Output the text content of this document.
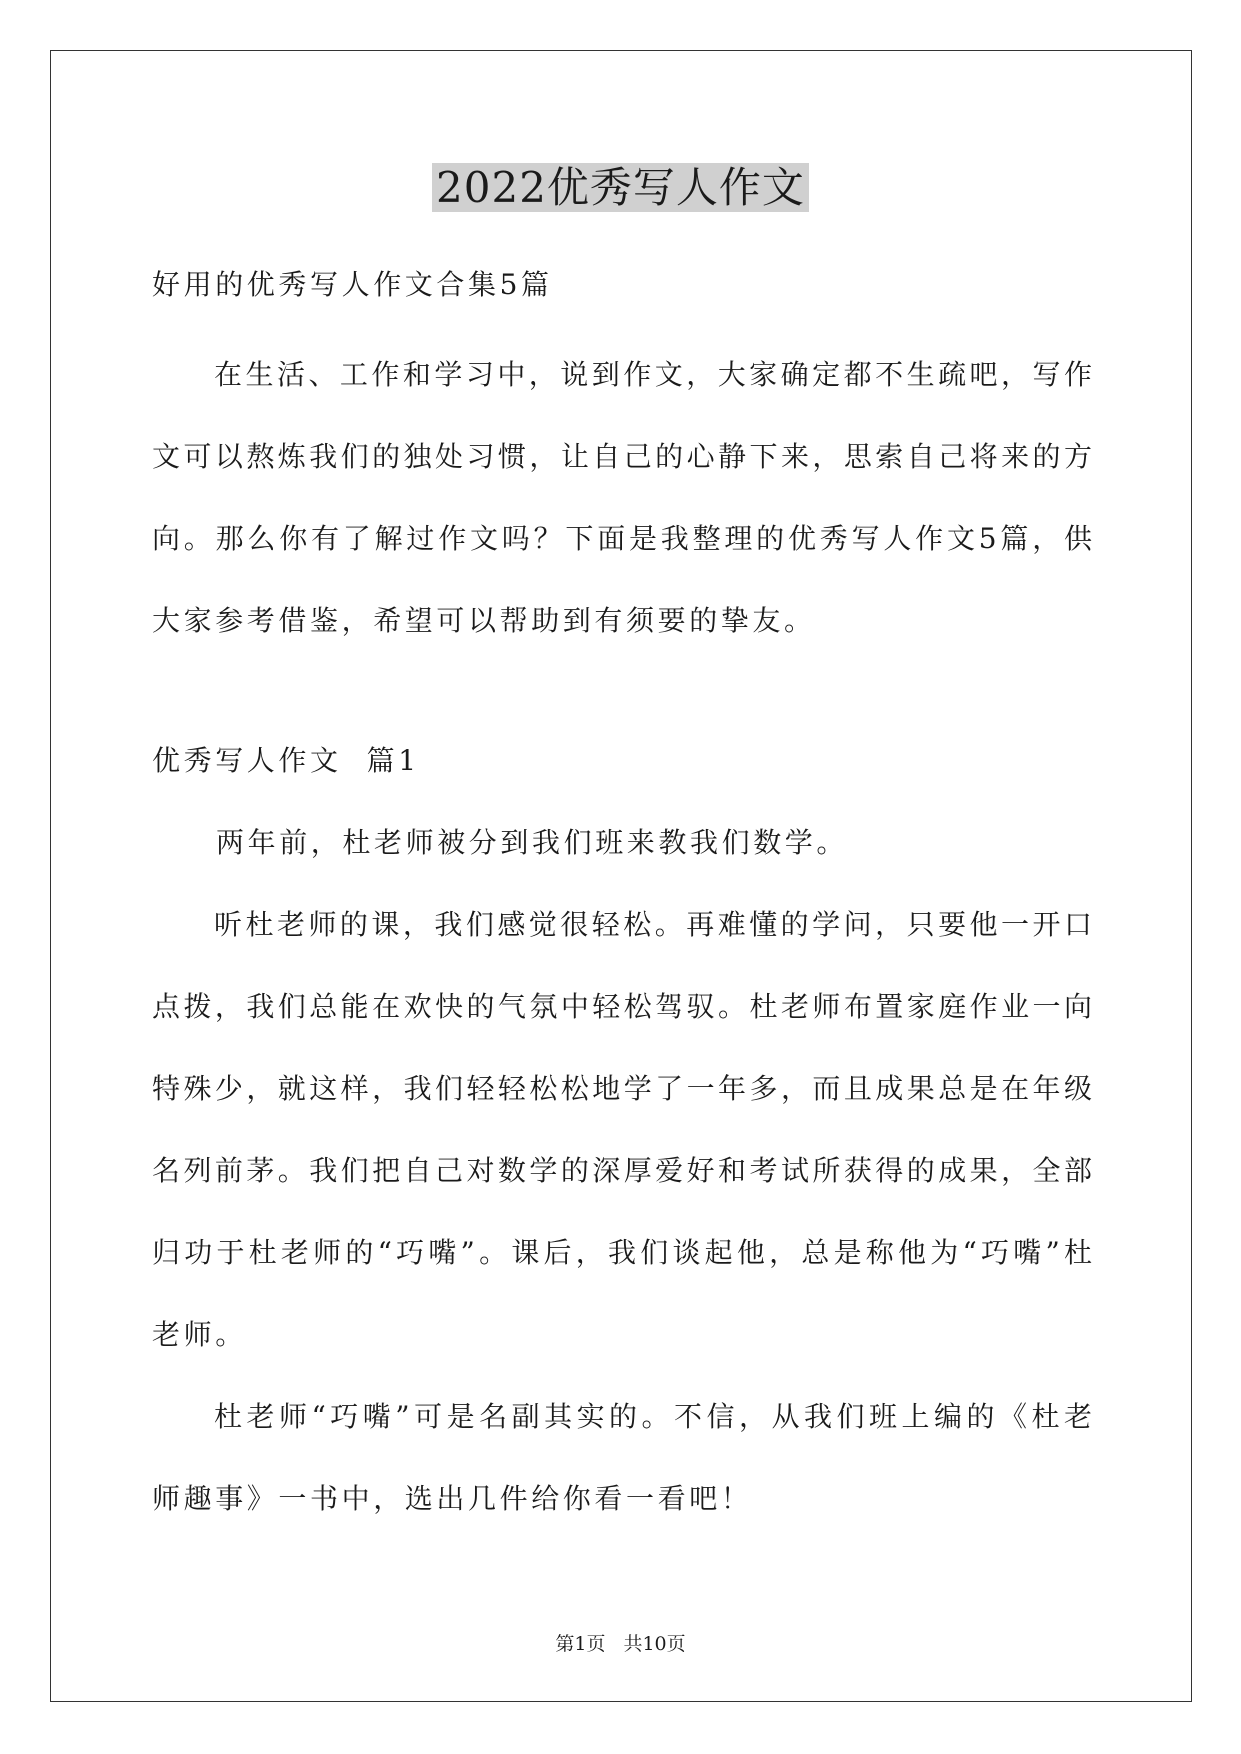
2022优秀写人作文

好用的优秀写人作文合集5篇

在生活、工作和学习中，说到作文，大家确定都不生疏吧，写作

文可以熬炼我们的独处习惯，让自己的心静下来，思索自己将来的方

向。那么你有了解过作文吗？下面是我整理的优秀写人作文5篇，供

大家参考借鉴，希望可以帮助到有须要的挚友。

优秀写人作文  篇1

两年前，杜老师被分到我们班来教我们数学。

听杜老师的课，我们感觉很轻松。再难懂的学问，只要他一开口

点拨，我们总能在欢快的气氛中轻松驾驭。杜老师布置家庭作业一向

特殊少，就这样，我们轻轻松松地学了一年多，而且成果总是在年级

名列前茅。我们把自己对数学的深厚爱好和考试所获得的成果，全部

归功于杜老师的“巧嘴”。课后，我们谈起他，总是称他为“巧嘴”杜

老师。

杜老师“巧嘴”可是名副其实的。不信，从我们班上编的《杜老

师趣事》一书中，选出几件给你看一看吧！

第1页 共10页
